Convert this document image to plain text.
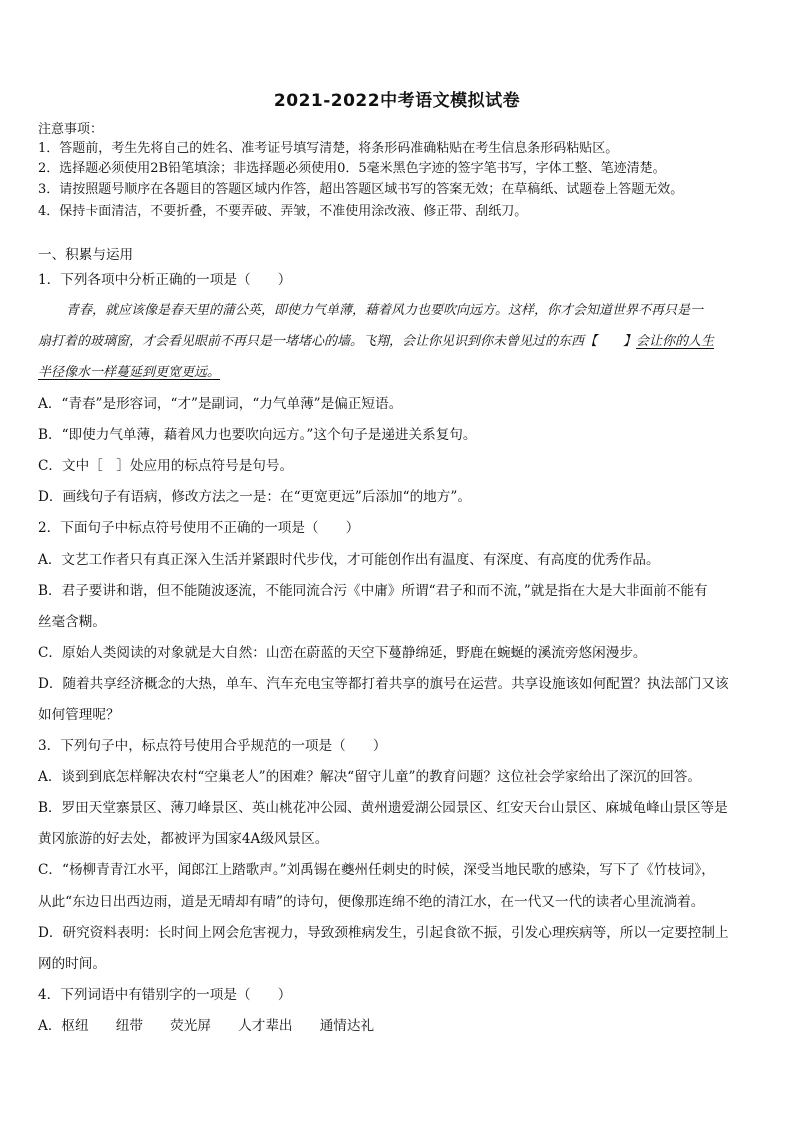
2021-2022中考语文模拟试卷
注意事项：
1．答题前，考生先将自己的姓名、准考证号填写清楚，将条形码准确粘贴在考生信息条形码粘贴区。
2．选择题必须使用2B铅笔填涂；非选择题必须使用0．5毫米黑色字迹的签字笔书写，字体工整、笔迹清楚。
3．请按照题号顺序在各题目的答题区域内作答，超出答题区域书写的答案无效；在草稿纸、试题卷上答题无效。
4．保持卡面清洁，不要折叠，不要弄破、弄皱，不准使用涂改液、修正带、刮纸刀。
一、积累与运用
1．下列各项中分析正确的一项是（　　）
青春，就应该像是春天里的蒲公英，即使力气单薄，藉着风力也要吹向远方。这样，你才会知道世界不再只是一
扇打着的玻璃窗，才会看见眼前不再只是一堵堵心的墙。飞翔，会让你见识到你未曾见过的东西【　　】会让你的人生
半径像水一样蔓延到更宽更远。
A．“青春”是形容词，“才”是副词，“力气单薄”是偏正短语。
B．“即使力气单薄，藉着风力也要吹向远方。”这个句子是递进关系复句。
C．文中［　］处应用的标点符号是句号。
D．画线句子有语病，修改方法之一是：在“更宽更远”后添加“的地方”。
2．下面句子中标点符号使用不正确的一项是（　　）
A．文艺工作者只有真正深入生活并紧跟时代步伐，才可能创作出有温度、有深度、有高度的优秀作品。
B．君子要讲和谐，但不能随波逐流，不能同流合污《中庸》所谓“君子和而不流，”就是指在大是大非面前不能有
丝毫含糊。
C．原始人类阅读的对象就是大自然：山峦在蔚蓝的天空下蔓静绵延，野鹿在蜿蜒的溪流旁悠闲漫步。
D．随着共享经济概念的大热，单车、汽车充电宝等都打着共享的旗号在运营。共享设施该如何配置？执法部门又该
如何管理呢？
3．下列句子中，标点符号使用合乎规范的一项是（　　）
A．谈到到底怎样解决农村“空巢老人”的困难？解决“留守儿童”的教育问题？这位社会学家给出了深沉的回答。
B．罗田天堂寨景区、薄刀峰景区、英山桃花冲公园、黄州遗爱湖公园景区、红安天台山景区、麻城龟峰山景区等是
黄冈旅游的好去处，都被评为国家4A级风景区。
C．“杨柳青青江水平，闻郎江上踏歌声。”刘禹锡在夔州任刺史的时候，深受当地民歌的感染，写下了《竹枝词》，
从此“东边日出西边雨，道是无晴却有晴”的诗句，便像那连绵不绝的清江水，在一代又一代的读者心里流淌着。
D．研究资料表明：长时间上网会危害视力，导致颈椎病发生，引起食欲不振，引发心理疾病等，所以一定要控制上
网的时间。
4．下列词语中有错别字的一项是（　　）
A．枢纽　　纽带　　荧光屏　　人才辈出　　通情达礼
